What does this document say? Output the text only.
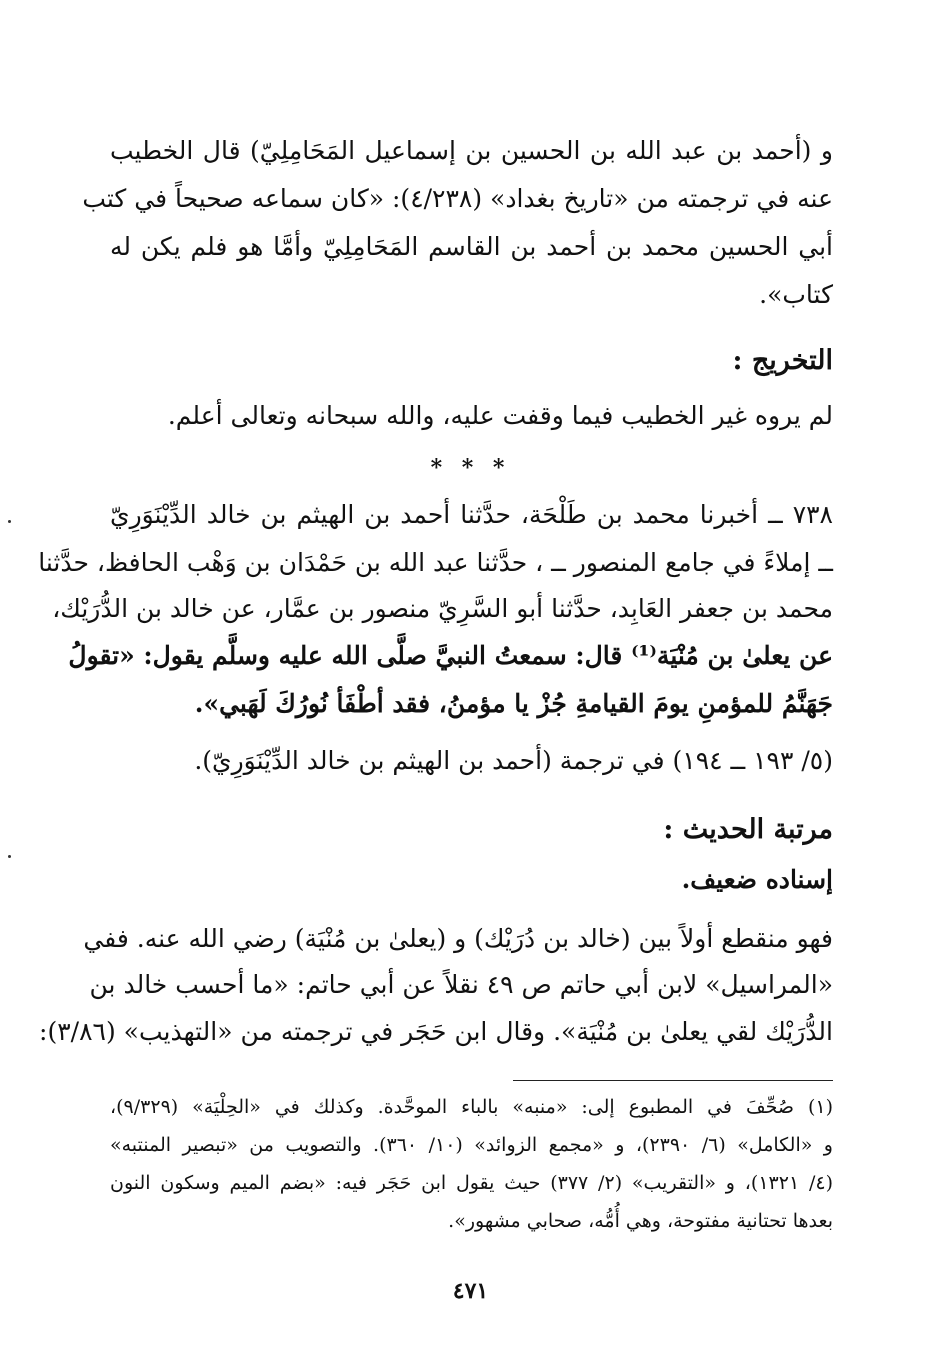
و (أحمد بن عبد الله بن الحسين بن إسماعيل المَحَامِلِيّ) قال الخطيب
عنه في ترجمته من «تاريخ بغداد» (٤/٢٣٨): «كان سماعه صحيحاً في كتب
أبي الحسين محمد بن أحمد بن القاسم المَحَامِلِيّ وأمَّا هو فلم يكن له
كتاب».
التخريج :
لم يروه غير الخطيب فيما وقفت عليه، والله سبحانه وتعالى أعلم.
* * *
٧٣٨ ــ أخبرنا محمد بن طَلْحَة، حدَّثنا أحمد بن الهيثم بن خالد الدِّيْنَوَرِيّ
ــ إملاءً في جامع المنصور ــ ، حدَّثنا عبد الله بن حَمْدَان بن وَهْب الحافظ، حدَّثنا
محمد بن جعفر العَابِد، حدَّثنا أبو السَّرِيّ منصور بن عمَّار، عن خالد بن الدُّرَيْك،
عن يعلىٰ بن مُنْيَة⁽¹⁾ قال: سمعتُ النبيَّ صلَّى الله عليه وسلَّم يقول: «تقولُ
جَهَنَّمُ للمؤمنِ يومَ القيامةِ جُزْ يا مؤمنُ، فقد أطْفَأ نُورُكَ لَهَبي».
(٥/ ١٩٣ ــ ١٩٤) في ترجمة (أحمد بن الهيثم بن خالد الدِّيْنَوَرِيّ).
مرتبة الحديث :
إسناده ضعيف.
فهو منقطع أولاً بين (خالد بن دُرَيْك) و (يعلىٰ بن مُنْيَة) رضي الله عنه. ففي
«المراسيل» لابن أبي حاتم ص ٤٩ نقلاً عن أبي حاتم: «ما أحسب خالد بن
الدُّرَيْك لقي يعلىٰ بن مُنْيَة». وقال ابن حَجَر في ترجمته من «التهذيب» (٣/٨٦):
(١) صُحِّفَ في المطبوع إلى: «منبه» بالباء الموحَّدة. وكذلك في «الحِلْيَة» (٩/٣٢٩)،
و «الكامل» (٦/ ٢٣٩٠)، و «مجمع الزوائد» (١٠/ ٣٦٠). والتصويب من «تبصير المنتبه»
(٤/ ١٣٢١)، و «التقريب» (٢/ ٣٧٧) حيث يقول ابن حَجَر فيه: «بضم الميم وسكون النون
بعدها تحتانية مفتوحة، وهي أُمُّه، صحابي مشهور».
٤٧١
